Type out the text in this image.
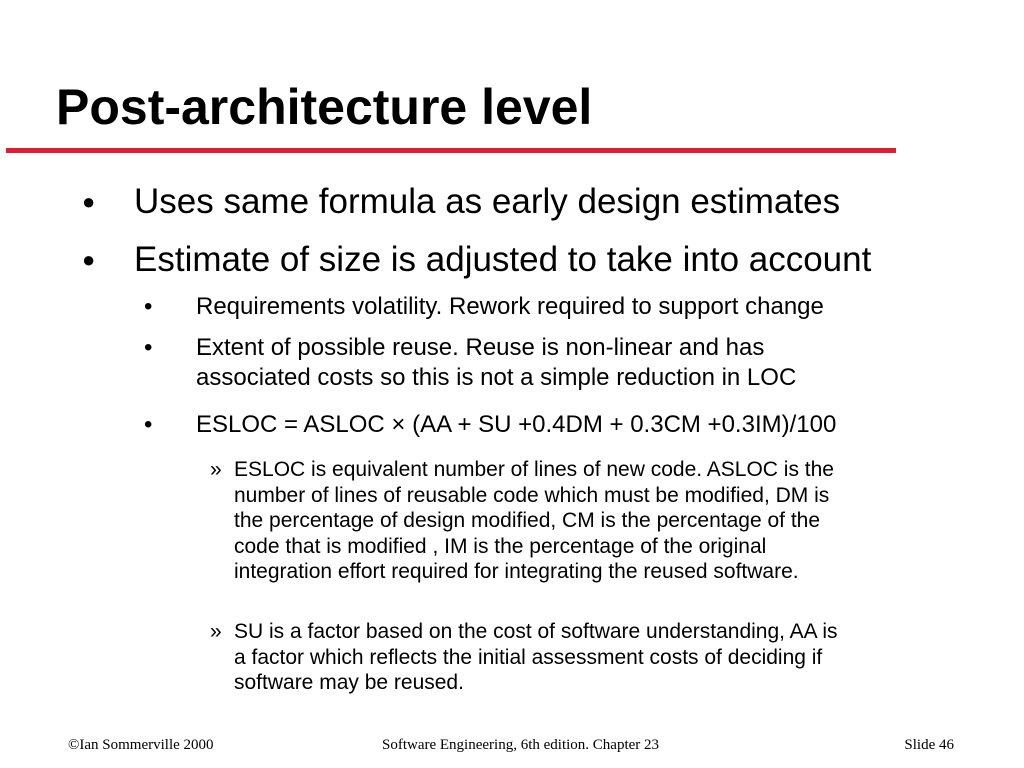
Post-architecture level
● Uses same formula as early design estimates
● Estimate of size is adjusted to take into account
• Requirements volatility. Rework required to support change
• Extent of possible reuse. Reuse is non-linear and has
associated costs so this is not a simple reduction in LOC
• ESLOC = ASLOC × (AA + SU +0.4DM + 0.3CM +0.3IM)/100
» ESLOC is equivalent number of lines of new code. ASLOC is the
number of lines of reusable code which must be modified, DM is
the percentage of design modified, CM is the percentage of the
code that is modified , IM is the percentage of the original
integration effort required for integrating the reused software.
» SU is a factor based on the cost of software understanding, AA is
a factor which reflects the initial assessment costs of deciding if
software may be reused.
©Ian Sommerville 2000	Software Engineering, 6th edition. Chapter 23	Slide 46
